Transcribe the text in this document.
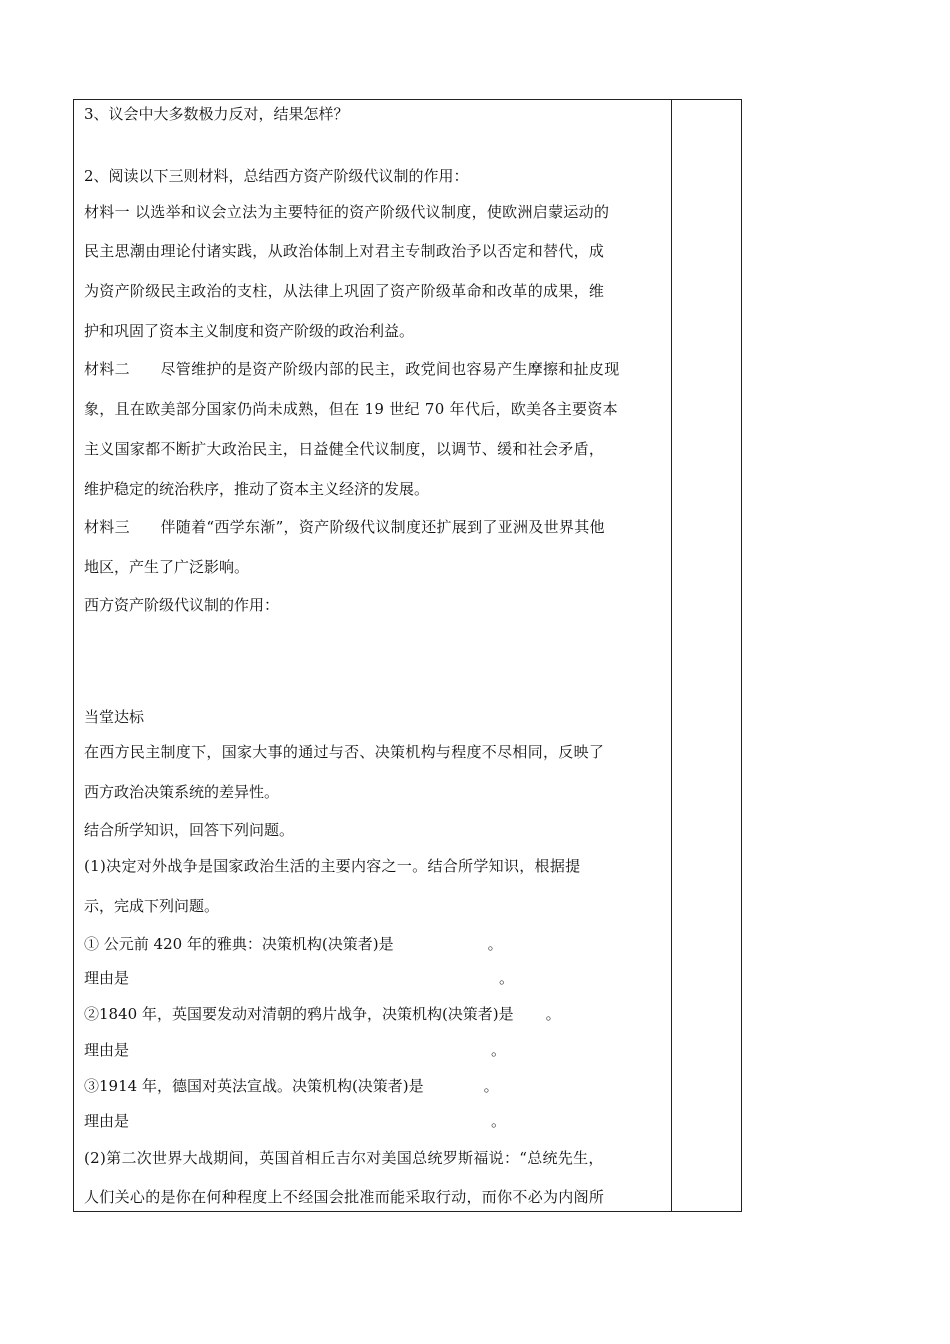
3、议会中大多数极力反对，结果怎样？
2、阅读以下三则材料，总结西方资产阶级代议制的作用：
材料一 以选举和议会立法为主要特征的资产阶级代议制度，使欧洲启蒙运动的
民主思潮由理论付诸实践，从政治体制上对君主专制政治予以否定和替代，成
为资产阶级民主政治的支柱，从法律上巩固了资产阶级革命和改革的成果，维
护和巩固了资本主义制度和资产阶级的政治利益。
材料二　　尽管维护的是资产阶级内部的民主，政党间也容易产生摩擦和扯皮现
象，且在欧美部分国家仍尚未成熟，但在 19 世纪 70 年代后，欧美各主要资本
主义国家都不断扩大政治民主，日益健全代议制度，以调节、缓和社会矛盾，
维护稳定的统治秩序，推动了资本主义经济的发展。
材料三　　伴随着“西学东渐”，资产阶级代议制度还扩展到了亚洲及世界其他
地区，产生了广泛影响。
西方资产阶级代议制的作用：
当堂达标
在西方民主制度下，国家大事的通过与否、决策机构与程度不尽相同，反映了
西方政治决策系统的差异性。
结合所学知识，回答下列问题。
(1)决定对外战争是国家政治生活的主要内容之一。结合所学知识，根据提
示，完成下列问题。
① 公元前 420 年的雅典：决策机构(决策者)是	。
理由是	。
②1840 年，英国要发动对清朝的鸦片战争，决策机构(决策者)是 。
理由是	。
③1914 年，德国对英法宣战。决策机构(决策者)是	。
理由是	。
(2)第二次世界大战期间，英国首相丘吉尔对美国总统罗斯福说：“总统先生，
人们关心的是你在何种程度上不经国会批准而能采取行动，而你不必为内阁所
